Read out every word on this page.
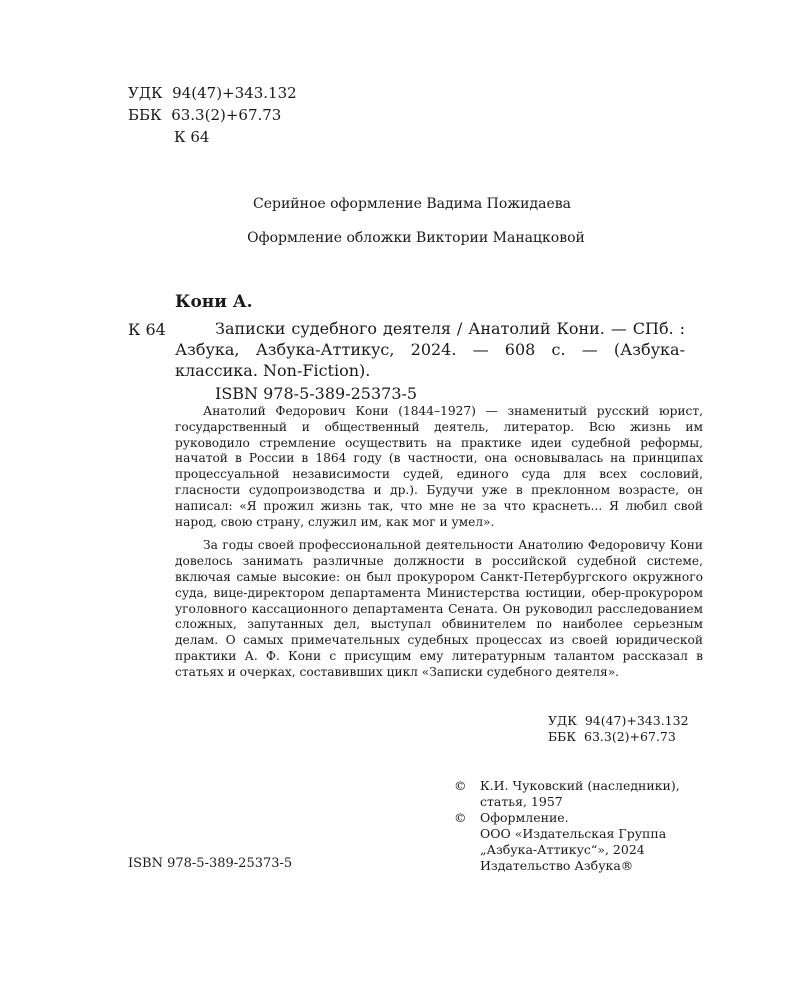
УДК  94(47)+343.132
ББК  63.3(2)+67.73
К 64
Серийное оформление Вадима Пожидаева
Оформление обложки Виктории Манацковой
Кони А.
К 64	Записки судебного деятеля / Анатолий Кони. — СПб. : Азбука, Азбука-Аттикус, 2024. — 608 с. — (Азбука-классика. Non-Fiction).
ISBN 978-5-389-25373-5

Анатолий Федорович Кони (1844–1927) — знаменитый русский юрист, государственный и общественный деятель, литератор. Всю жизнь им руководило стремление осуществить на практике идеи судебной реформы, начатой в России в 1864 году (в частности, она основывалась на принципах процессуальной независимости судей, единого суда для всех сословий, гласности судопроизводства и др.). Будучи уже в преклонном возрасте, он написал: «Я прожил жизнь так, что мне не за что краснеть... Я любил свой народ, свою страну, служил им, как мог и умел».

За годы своей профессиональной деятельности Анатолию Федоровичу Кони довелось занимать различные должности в российской судебной системе, включая самые высокие: он был прокурором Санкт-Петербургского окружного суда, вице-директором департамента Министерства юстиции, обер-прокурором уголовного кассационного департамента Сената. Он руководил расследованием сложных, запутанных дел, выступал обвинителем по наиболее серьезным делам. О самых примечательных судебных процессах из своей юридической практики А. Ф. Кони с присущим ему литературным талантом рассказал в статьях и очерках, составивших цикл «Записки судебного деятеля».

УДК  94(47)+343.132
ББК  63.3(2)+67.73
© К.И. Чуковский (наследники),
статья, 1957
© Оформление.
ООО «Издательская Группа
„Азбука-Аттикус“», 2024
Издательство Азбука®
ISBN 978-5-389-25373-5
